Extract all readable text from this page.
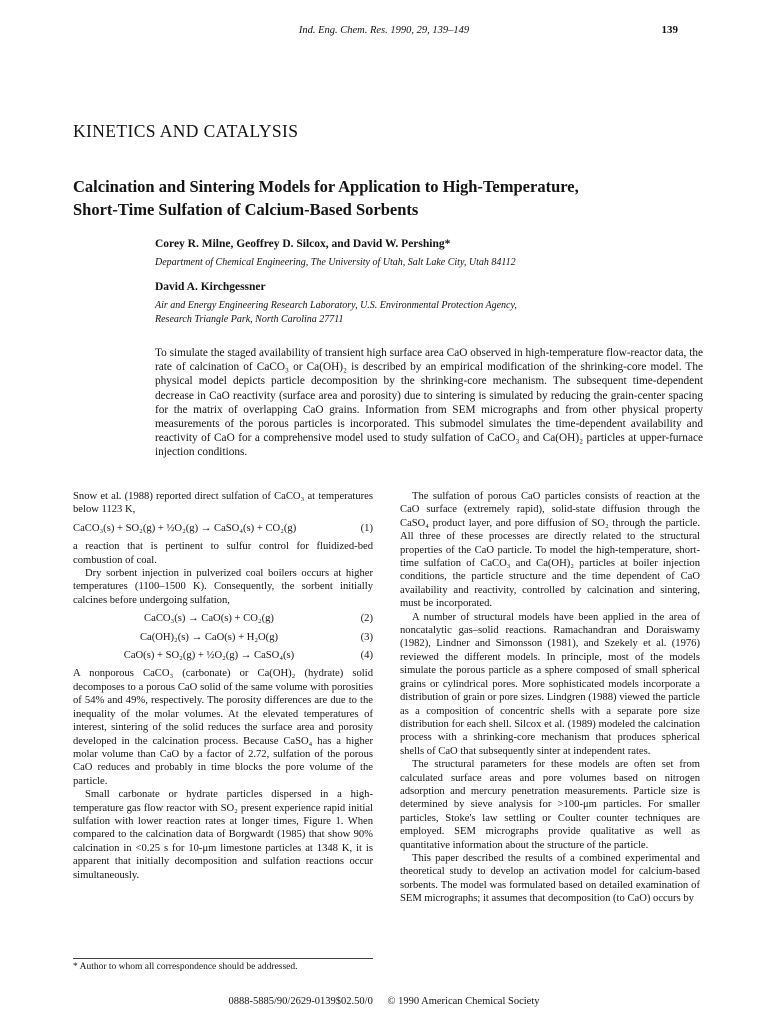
Ind. Eng. Chem. Res. 1990, 29, 139–149	139
KINETICS AND CATALYSIS
Calcination and Sintering Models for Application to High-Temperature,
Short-Time Sulfation of Calcium-Based Sorbents
Corey R. Milne, Geoffrey D. Silcox, and David W. Pershing*
Department of Chemical Engineering, The University of Utah, Salt Lake City, Utah 84112
David A. Kirchgessner
Air and Energy Engineering Research Laboratory, U.S. Environmental Protection Agency,
Research Triangle Park, North Carolina 27711
To simulate the staged availability of transient high surface area CaO observed in high-temperature flow-reactor data, the rate of calcination of CaCO₃ or Ca(OH)₂ is described by an empirical modification of the shrinking-core model. The physical model depicts particle decomposition by the shrinking-core mechanism. The subsequent time-dependent decrease in CaO reactivity (surface area and porosity) due to sintering is simulated by reducing the grain-center spacing for the matrix of overlapping CaO grains. Information from SEM micrographs and from other physical property measurements of the porous particles is incorporated. This submodel simulates the time-dependent availability and reactivity of CaO for a comprehensive model used to study sulfation of CaCO₃ and Ca(OH)₂ particles at upper-furnace injection conditions.

Snow et al. (1988) reported direct sulfation of CaCO₃ at temperatures below 1123 K,

CaCO₃(s) + SO₂(g) + ½O₂(g) → CaSO₄(s) + CO₂(g)	(1)

a reaction that is pertinent to sulfur control for fluidized-bed combustion of coal.

Dry sorbent injection in pulverized coal boilers occurs at higher temperatures (1100–1500 K). Consequently, the sorbent initially calcines before undergoing sulfation,

CaCO₃(s) → CaO(s) + CO₂(g)	(2)
Ca(OH)₂(s) → CaO(s) + H₂O(g)	(3)
CaO(s) + SO₂(g) + ½O₂(g) → CaSO₄(s)	(4)

A nonporous CaCO₃ (carbonate) or Ca(OH)₂ (hydrate) solid decomposes to a porous CaO solid of the same volume with porosities of 54% and 49%, respectively. The porosity differences are due to the inequality of the molar volumes. At the elevated temperatures of interest, sintering of the solid reduces the surface area and porosity developed in the calcination process. Because CaSO₄ has a higher molar volume than CaO by a factor of 2.72, sulfation of the porous CaO reduces and probably in time blocks the pore volume of the particle.

Small carbonate or hydrate particles dispersed in a high-temperature gas flow reactor with SO₂ present experience rapid initial sulfation with lower reaction rates at longer times, Figure 1. When compared to the calcination data of Borgwardt (1985) that show 90% calcination in <0.25 s for 10-μm limestone particles at 1348 K, it is apparent that initially decomposition and sulfation reactions occur simultaneously.

The sulfation of porous CaO particles consists of reaction at the CaO surface (extremely rapid), solid-state diffusion through the CaSO₄ product layer, and pore diffusion of SO₂ through the particle. All three of these processes are directly related to the structural properties of the CaO particle. To model the high-temperature, short-time sulfation of CaCO₃ and Ca(OH)₂ particles at boiler injection conditions, the particle structure and the time dependent of CaO availability and reactivity, controlled by calcination and sintering, must be incorporated.

A number of structural models have been applied in the area of noncatalytic gas–solid reactions. Ramachandran and Doraiswamy (1982), Lindner and Simonsson (1981), and Szekely et al. (1976) reviewed the different models. In principle, most of the models simulate the porous particle as a sphere composed of small spherical grains or cylindrical pores. More sophisticated models incorporate a distribution of grain or pore sizes. Lindgren (1988) viewed the particle as a composition of concentric shells with a separate pore size distribution for each shell. Silcox et al. (1989) modeled the calcination process with a shrinking-core mechanism that produces spherical shells of CaO that subsequently sinter at independent rates.

The structural parameters for these models are often set from calculated surface areas and pore volumes based on nitrogen adsorption and mercury penetration measurements. Particle size is determined by sieve analysis for >100-μm particles. For smaller particles, Stoke's law settling or Coulter counter techniques are employed. SEM micrographs provide qualitative as well as quantitative information about the structure of the particle.

This paper described the results of a combined experimental and theoretical study to develop an activation model for calcium-based sorbents. The model was formulated based on detailed examination of SEM micrographs; it assumes that decomposition (to CaO) occurs by

* Author to whom all correspondence should be addressed.
0888-5885/90/2629-0139$02.50/0 © 1990 American Chemical Society
